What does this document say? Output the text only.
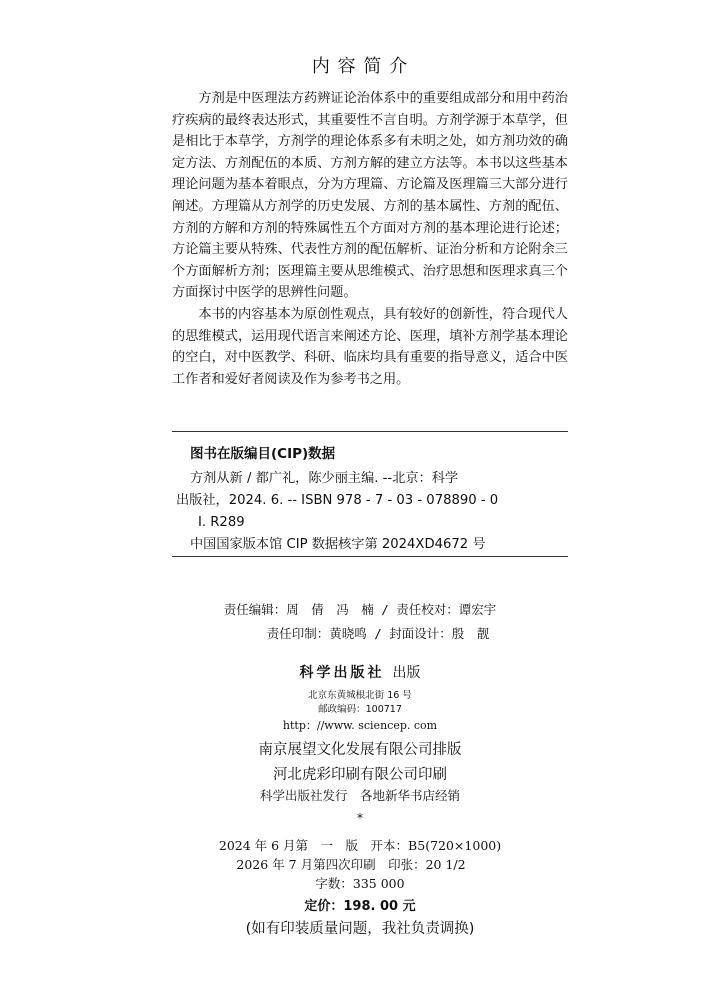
内 容 简 介

方剂是中医理法方药辨证论治体系中的重要组成部分和用中药治疗疾病的最终表达形式，其重要性不言自明。方剂学源于本草学，但是相比于本草学，方剂学的理论体系多有未明之处，如方剂功效的确定方法、方剂配伍的本质、方剂方解的建立方法等。本书以这些基本理论问题为基本着眼点，分为方理篇、方论篇及医理篇三大部分进行阐述。方理篇从方剂学的历史发展、方剂的基本属性、方剂的配伍、方剂的方解和方剂的特殊属性五个方面对方剂的基本理论进行论述；方论篇主要从特殊、代表性方剂的配伍解析、证治分析和方论附余三个方面解析方剂；医理篇主要从思维模式、治疗思想和医理求真三个方面探讨中医学的思辨性问题。

本书的内容基本为原创性观点，具有较好的创新性，符合现代人的思维模式，运用现代语言来阐述方论、医理，填补方剂学基本理论的空白，对中医教学、科研、临床均具有重要的指导意义，适合中医工作者和爱好者阅读及作为参考书之用。

图书在版编目(CIP)数据
方剂从新 / 都广礼，陈少丽主编. --北京：科学
出版社，2024. 6. -- ISBN 978 - 7 - 03 - 078890 - 0
Ⅰ. R289
中国国家版本馆 CIP 数据核字第 2024XD4672 号
责任编辑：周　倩　冯　楠 / 责任校对：谭宏宇
责任印制：黄晓鸣 / 封面设计：殷　靓
科学出版社 出版
北京东黄城根北街 16 号
邮政编码：100717
http：//www. sciencep. com
南京展望文化发展有限公司排版
河北虎彩印刷有限公司印刷
科学出版社发行　各地新华书店经销
*
2024 年 6 月第　一　版　开本：B5(720×1000)
2026 年 7 月第四次印刷　印张：20 1/2
字数：335 000
定价：198. 00 元
(如有印装质量问题，我社负责调换)
